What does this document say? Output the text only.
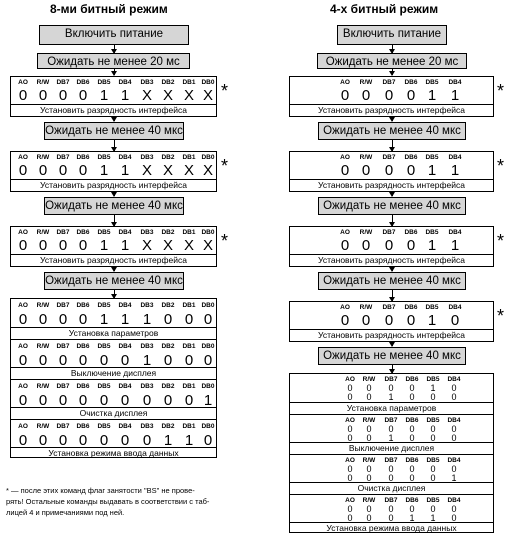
8-ми битный режим	4-х битный режим
Включить питание
Ожидать не менее 20 мс
AO
0
R/W
0
DB7
0
DB6
0
DB5
1
DB4
1
DB3
X
DB2
X
DB1
X
DB0
X
Установить разрядность интерфейса
*
Ожидать не менее 40 мкс
AO
0
R/W
0
DB7
0
DB6
0
DB5
1
DB4
1
DB3
X
DB2
X
DB1
X
DB0
X
Установить разрядность интерфейса
*
Ожидать не менее 40 мкс
AO
0
R/W
0
DB7
0
DB6
0
DB5
1
DB4
1
DB3
X
DB2
X
DB1
X
DB0
X
Установить разрядность интерфейса
*
Ожидать не менее 40 мкс
AO
0
R/W
0
DB7
0
DB6
0
DB5
1
DB4
1
DB3
1
DB2
0
DB1
0
DB0
0
Установка параметров
AO
0
R/W
0
DB7
0
DB6
0
DB5
0
DB4
0
DB3
1
DB2
0
DB1
0
DB0
0
Выключение дисплея
AO
0
R/W
0
DB7
0
DB6
0
DB5
0
DB4
0
DB3
0
DB2
0
DB1
0
DB0
1
Очистка дисплея
AO
0
R/W
0
DB7
0
DB6
0
DB5
0
DB4
0
DB3
0
DB2
1
DB1
1
DB0
0
Установка режима ввода данных
Включить питание
Ожидать не менее 20 мс
AO
0
R/W
0
DB7
0
DB6
0
DB5
1
DB4
1
Установить разрядность интерфейса
*
Ожидать не менее 40 мкс
AO
0
R/W
0
DB7
0
DB6
0
DB5
1
DB4
1
Установить разрядность интерфейса
*
Ожидать не менее 40 мкс
AO
0
R/W
0
DB7
0
DB6
0
DB5
1
DB4
1
Установить разрядность интерфейса
*
Ожидать не менее 40 мкс
AO
0
R/W
0
DB7
0
DB6
0
DB5
1
DB4
0
Установить разрядность интерфейса
*
Ожидать не менее 40 мкс
AO
0
0
R/W
0
0
DB7
0
1
DB6
0
0
DB5
1
0
DB4
0
0
Установка параметров
AO
0
0
R/W
0
0
DB7
0
1
DB6
0
0
DB5
0
0
DB4
0
0
Выключение дисплея
AO
0
0
R/W
0
0
DB7
0
0
DB6
0
0
DB5
0
0
DB4
0
1
Очистка дисплея
AO
0
0
R/W
0
0
DB7
0
0
DB6
0
1
DB5
0
1
DB4
0
0
Установка режима ввода данных
* — после этих команд флаг занятости "BS" не прове-
рять! Остальные команды выдавать в соответствии с таб-
лицей 4 и примечаниями под ней.
